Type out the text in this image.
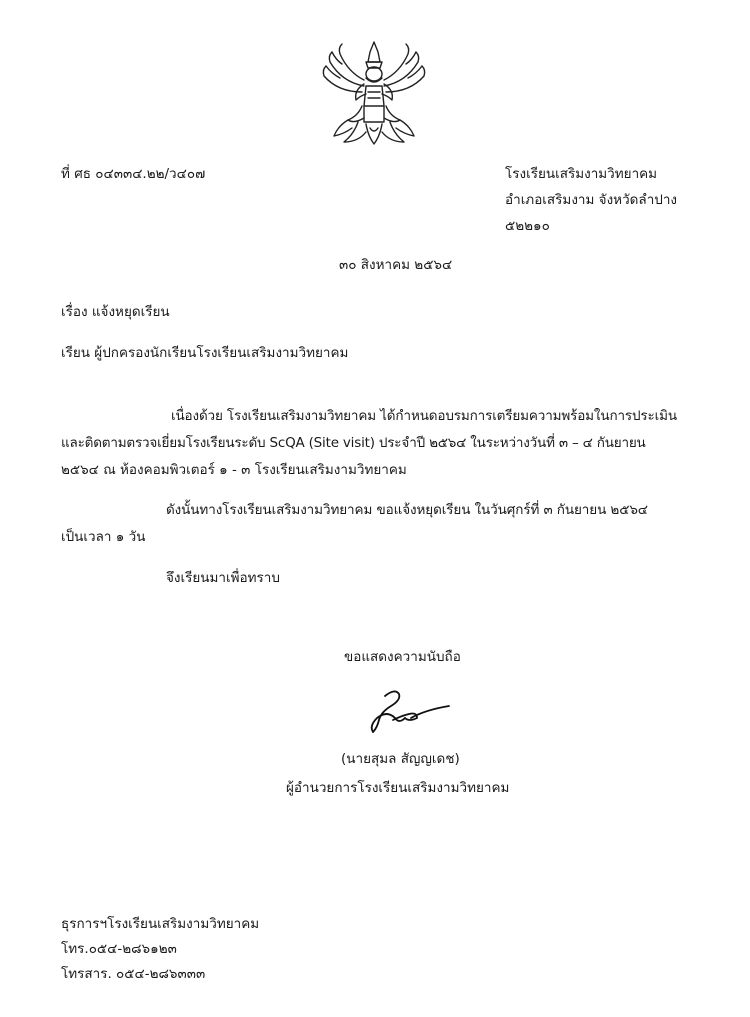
ที่ ศธ ๐๔๓๓๔.๒๒/ว๔๐๗	โรงเรียนเสริมงามวิทยาคม
อำเภอเสริมงาม จังหวัดลำปาง
๕๒๒๑๐
๓๐ สิงหาคม ๒๕๖๔
เรื่อง แจ้งหยุดเรียน
เรียน ผู้ปกครองนักเรียนโรงเรียนเสริมงามวิทยาคม
เนื่องด้วย โรงเรียนเสริมงามวิทยาคม ได้กำหนดอบรมการเตรียมความพร้อมในการประเมิน
และติดตามตรวจเยี่ยมโรงเรียนระดับ ScQA (Site visit) ประจำปี ๒๕๖๔ ในระหว่างวันที่ ๓ – ๔ กันยายน
๒๕๖๔ ณ ห้องคอมพิวเตอร์ ๑ - ๓ โรงเรียนเสริมงามวิทยาคม
ดังนั้นทางโรงเรียนเสริมงามวิทยาคม ขอแจ้งหยุดเรียน ในวันศุกร์ที่ ๓ กันยายน ๒๕๖๔
เป็นเวลา ๑ วัน
จึงเรียนมาเพื่อทราบ
ขอแสดงความนับถือ
(นายสุมล สัญญเดช)
ผู้อำนวยการโรงเรียนเสริมงามวิทยาคม
ธุรการฯโรงเรียนเสริมงามวิทยาคม
โทร.๐๕๔-๒๘๖๑๒๓
โทรสาร. ๐๕๔-๒๘๖๓๓๓
